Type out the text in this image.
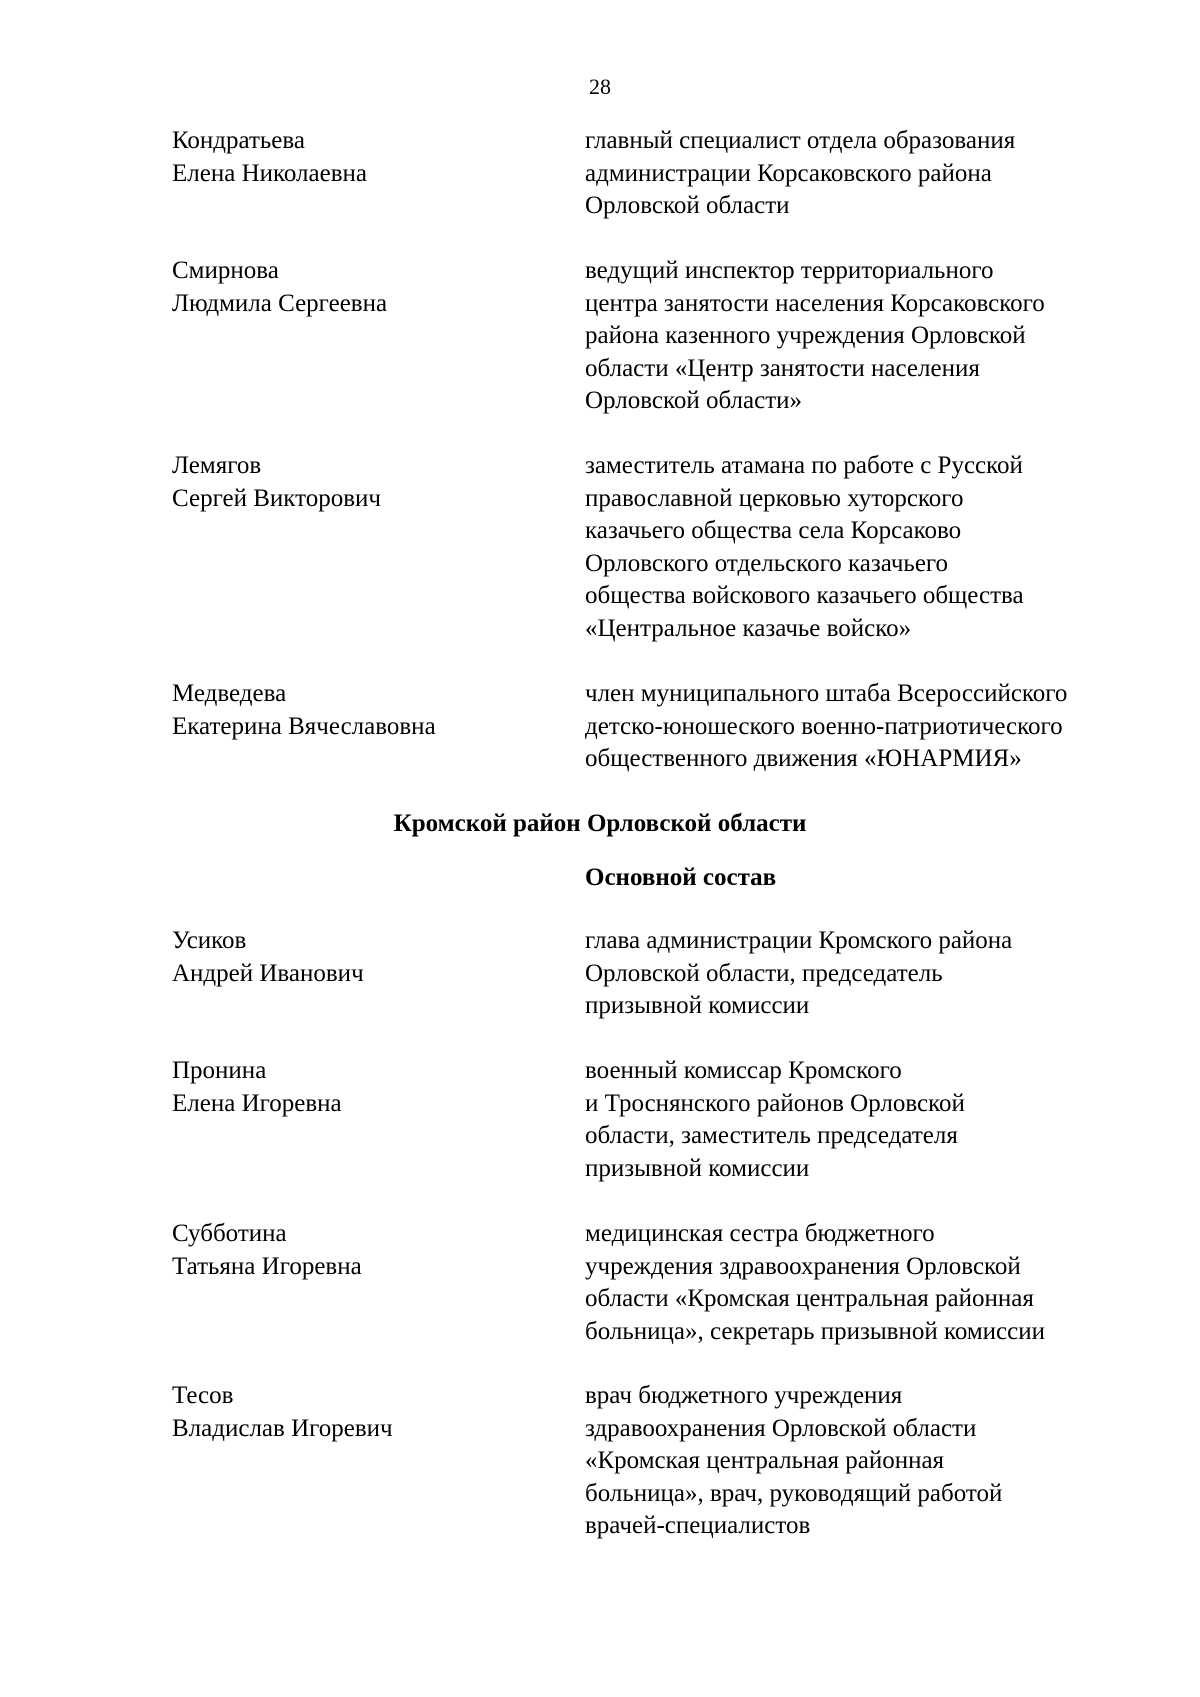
28
Кондратьева
Елена Николаевна
главный специалист отдела образования
администрации Корсаковского района
Орловской области
Смирнова
Людмила Сергеевна
ведущий инспектор территориального
центра занятости населения Корсаковского
района казенного учреждения Орловской
области «Центр занятости населения
Орловской области»
Лемягов
Сергей Викторович
заместитель атамана по работе с Русской
православной церковью хуторского
казачьего общества села Корсаково
Орловского отдельского казачьего
общества войскового казачьего общества
«Центральное казачье войско»
Медведева
Екатерина Вячеславовна
член муниципального штаба Всероссийского
детско-юношеского военно-патриотического
общественного движения «ЮНАРМИЯ»
Кромской район Орловской области
Основной состав
Усиков
Андрей Иванович
глава администрации Кромского района
Орловской области, председатель
призывной комиссии
Пронина
Елена Игоревна
военный комиссар Кромского
и Троснянского районов Орловской
области, заместитель председателя
призывной комиссии
Субботина
Татьяна Игоревна
медицинская сестра бюджетного
учреждения здравоохранения Орловской
области «Кромская центральная районная
больница», секретарь призывной комиссии
Тесов
Владислав Игоревич
врач бюджетного учреждения
здравоохранения Орловской области
«Кромская центральная районная
больница», врач, руководящий работой
врачей-специалистов
